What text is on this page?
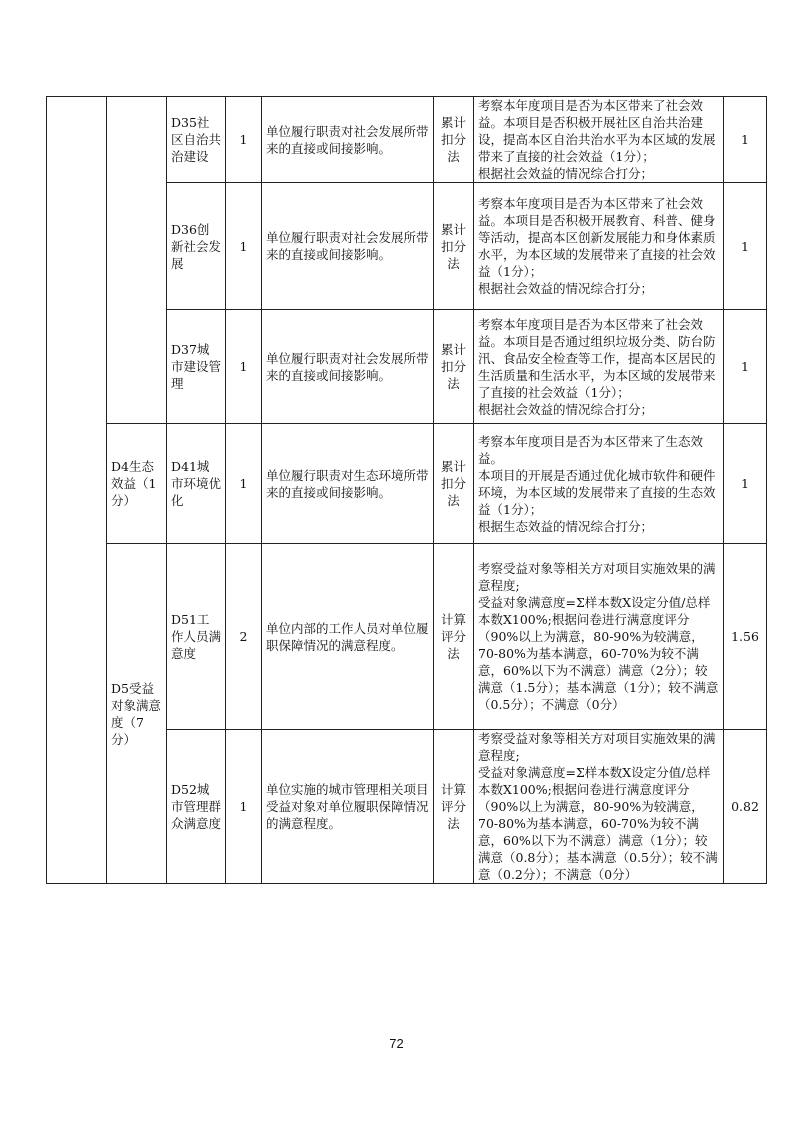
		D35社区自治共治建设	1	单位履行职责对社会发展所带来的直接或间接影响。	累计扣分法	考察本年度项目是否为本区带来了社会效益。本项目是否积极开展社区自治共治建设，提高本区自治共治水平为本区域的发展带来了直接的社会效益（1分）；
根据社会效益的情况综合打分；	1
		D36创新社会发展	1	单位履行职责对社会发展所带来的直接或间接影响。	累计扣分法	考察本年度项目是否为本区带来了社会效益。本项目是否积极开展教育、科普、健身等活动，提高本区创新发展能力和身体素质水平，为本区域的发展带来了直接的社会效益（1分）；
根据社会效益的情况综合打分；	1
		D37城市建设管理	1	单位履行职责对社会发展所带来的直接或间接影响。	累计扣分法	考察本年度项目是否为本区带来了社会效益。本项目是否通过组织垃圾分类、防台防汛、食品安全检查等工作，提高本区居民的生活质量和生活水平，为本区域的发展带来了直接的社会效益（1分）；
根据社会效益的情况综合打分；	1
	D4生态效益（1分）	D41城市环境优化	1	单位履行职责对生态环境所带来的直接或间接影响。	累计扣分法	考察本年度项目是否为本区带来了生态效益。
本项目的开展是否通过优化城市软件和硬件环境，为本区域的发展带来了直接的生态效益（1分）；
根据生态效益的情况综合打分；	1
	D5受益对象满意度（7分）	D51工作人员满意度	2	单位内部的工作人员对单位履职保障情况的满意程度。	计算评分法	考察受益对象等相关方对项目实施效果的满意程度;
受益对象满意度=Σ样本数X设定分值/总样本数X100%;根据问卷进行满意度评分（90%以上为满意，80-90%为较满意，70-80%为基本满意，60-70%为较不满意，60%以下为不满意）满意（2分）；较满意（1.5分）；基本满意（1分）；较不满意（0.5分）；不满意（0分）	1.56
		D52城市管理群众满意度	1	单位实施的城市管理相关项目受益对象对单位履职保障情况的满意程度。	计算评分法	考察受益对象等相关方对项目实施效果的满意程度;
受益对象满意度=Σ样本数X设定分值/总样本数X100%;根据问卷进行满意度评分（90%以上为满意，80-90%为较满意，70-80%为基本满意，60-70%为较不满意，60%以下为不满意）满意（1分）；较满意（0.8分）；基本满意（0.5分）；较不满意（0.2分）；不满意（0分）	0.82
72
